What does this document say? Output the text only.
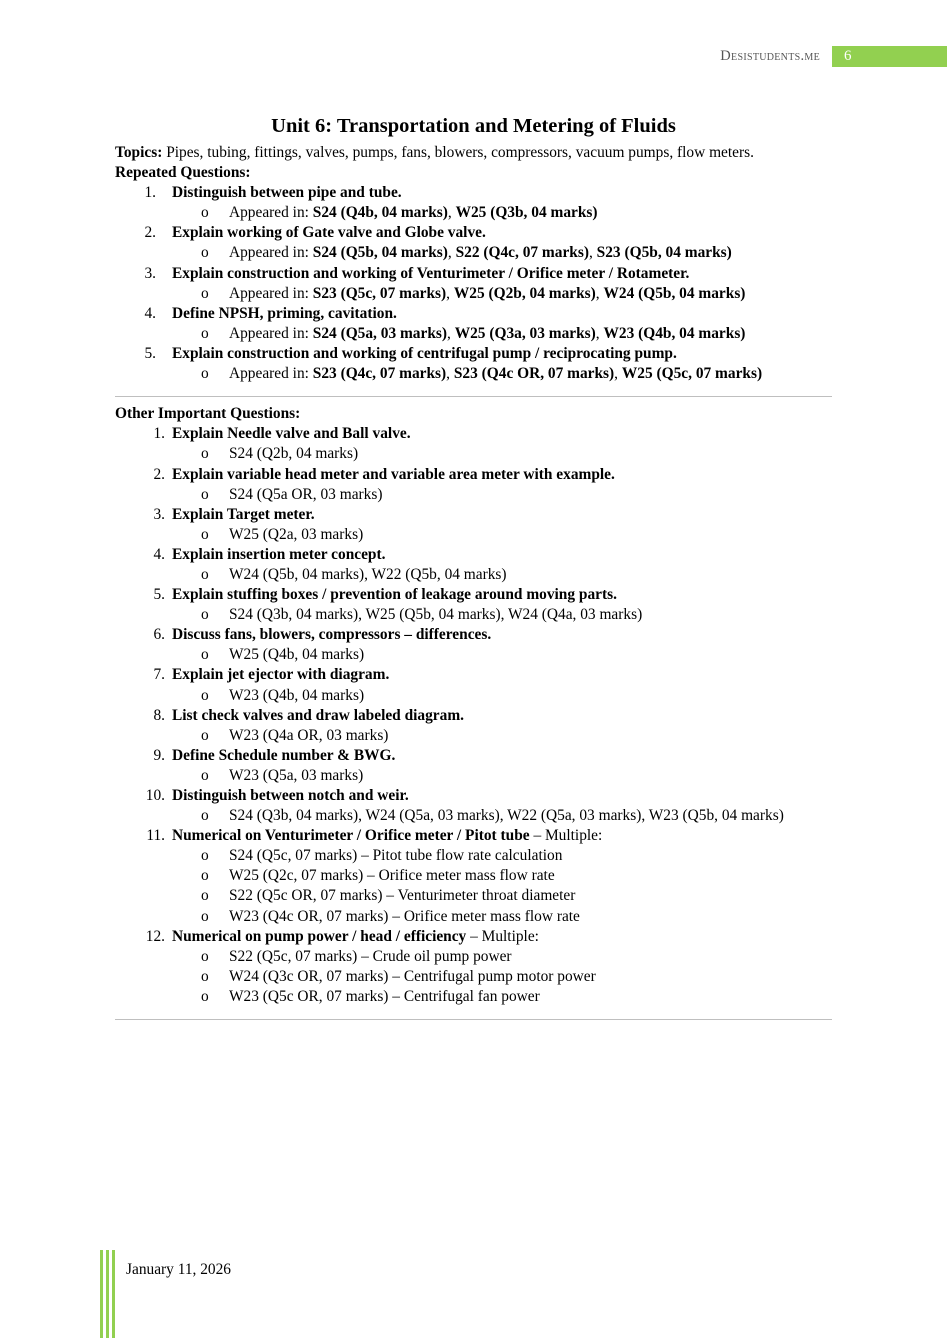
Desistudents.me	6
Unit 6: Transportation and Metering of Fluids
Topics: Pipes, tubing, fittings, valves, pumps, fans, blowers, compressors, vacuum pumps, flow meters.
Repeated Questions:
1.	Distinguish between pipe and tube.
o	Appeared in: S24 (Q4b, 04 marks), W25 (Q3b, 04 marks)
2.	Explain working of Gate valve and Globe valve.
o	Appeared in: S24 (Q5b, 04 marks), S22 (Q4c, 07 marks), S23 (Q5b, 04 marks)
3.	Explain construction and working of Venturimeter / Orifice meter / Rotameter.
o	Appeared in: S23 (Q5c, 07 marks), W25 (Q2b, 04 marks), W24 (Q5b, 04 marks)
4.	Define NPSH, priming, cavitation.
o	Appeared in: S24 (Q5a, 03 marks), W25 (Q3a, 03 marks), W23 (Q4b, 04 marks)
5.	Explain construction and working of centrifugal pump / reciprocating pump.
o	Appeared in: S23 (Q4c, 07 marks), S23 (Q4c OR, 07 marks), W25 (Q5c, 07 marks)
Other Important Questions:
1. Explain Needle valve and Ball valve.
o	S24 (Q2b, 04 marks)
2. Explain variable head meter and variable area meter with example.
o	S24 (Q5a OR, 03 marks)
3. Explain Target meter.
o	W25 (Q2a, 03 marks)
4. Explain insertion meter concept.
o	W24 (Q5b, 04 marks), W22 (Q5b, 04 marks)
5. Explain stuffing boxes / prevention of leakage around moving parts.
o	S24 (Q3b, 04 marks), W25 (Q5b, 04 marks), W24 (Q4a, 03 marks)
6. Discuss fans, blowers, compressors – differences.
o	W25 (Q4b, 04 marks)
7. Explain jet ejector with diagram.
o	W23 (Q4b, 04 marks)
8. List check valves and draw labeled diagram.
o	W23 (Q4a OR, 03 marks)
9. Define Schedule number & BWG.
o	W23 (Q5a, 03 marks)
10. Distinguish between notch and weir.
o	S24 (Q3b, 04 marks), W24 (Q5a, 03 marks), W22 (Q5a, 03 marks), W23 (Q5b, 04 marks)
11. Numerical on Venturimeter / Orifice meter / Pitot tube – Multiple:
o	S24 (Q5c, 07 marks) – Pitot tube flow rate calculation
o	W25 (Q2c, 07 marks) – Orifice meter mass flow rate
o	S22 (Q5c OR, 07 marks) – Venturimeter throat diameter
o	W23 (Q4c OR, 07 marks) – Orifice meter mass flow rate
12. Numerical on pump power / head / efficiency – Multiple:
o	S22 (Q5c, 07 marks) – Crude oil pump power
o	W24 (Q3c OR, 07 marks) – Centrifugal pump motor power
o	W23 (Q5c OR, 07 marks) – Centrifugal fan power
January 11, 2026
